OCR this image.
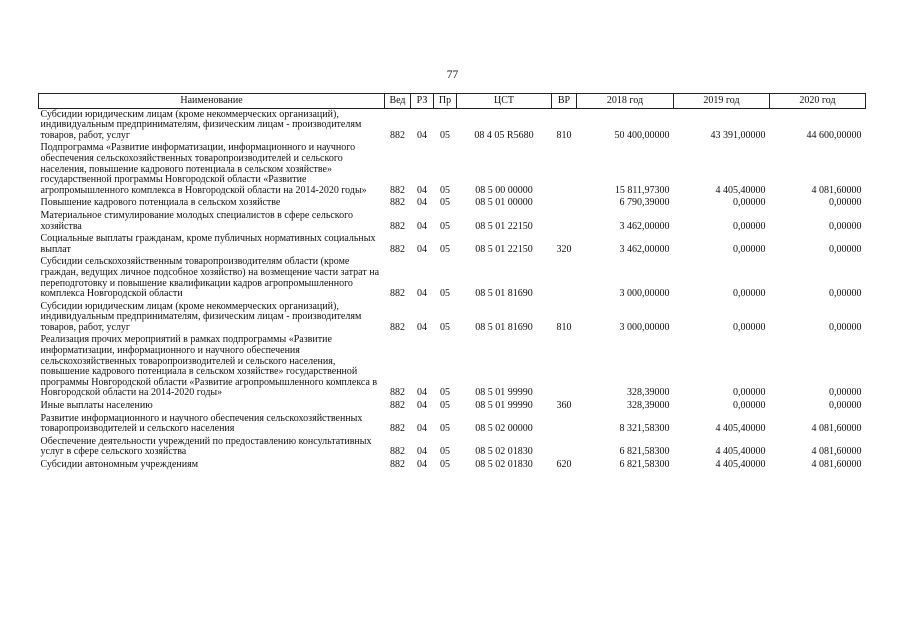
77
Наименование	Вед	РЗ	Пр	ЦСТ	ВР	2018 год	2019 год	2020 год
Субсидии юридическим лицам (кроме некоммерческих организаций), индивидуальным предпринимателям, физическим лицам - производителям товаров, работ, услуг	882	04	05	08 4 05 R5680	810	50 400,00000	43 391,00000	44 600,00000
Подпрограмма «Развитие информатизации, информационного и научного обеспечения сельскохозяйственных товаропроизводителей и сельского населения, повышение кадрового потенциала в сельском хозяйстве» государственной программы Новгородской области «Развитие агропромышленного комплекса в Новгородской области на 2014-2020 годы»	882	04	05	08 5 00 00000		15 811,97300	4 405,40000	4 081,60000
Повышение кадрового потенциала в сельском хозяйстве	882	04	05	08 5 01 00000		6 790,39000	0,00000	0,00000
Материальное стимулирование молодых специалистов в сфере сельского хозяйства	882	04	05	08 5 01 22150		3 462,00000	0,00000	0,00000
Социальные выплаты гражданам, кроме публичных нормативных социальных выплат	882	04	05	08 5 01 22150	320	3 462,00000	0,00000	0,00000
Субсидии сельскохозяйственным товаропроизводителям области (кроме граждан, ведущих личное подсобное хозяйство) на возмещение части затрат на переподготовку и повышение квалификации кадров агропромышленного комплекса Новгородской области	882	04	05	08 5 01 81690		3 000,00000	0,00000	0,00000
Субсидии юридическим лицам (кроме некоммерческих организаций), индивидуальным предпринимателям, физическим лицам - производителям товаров, работ, услуг	882	04	05	08 5 01 81690	810	3 000,00000	0,00000	0,00000
Реализация прочих мероприятий в рамках подпрограммы «Развитие информатизации, информационного и научного обеспечения сельскохозяйственных товаропроизводителей и сельского населения, повышение кадрового потенциала в сельском хозяйстве» государственной программы Новгородской области «Развитие агропромышленного комплекса в Новгородской области на 2014-2020 годы»	882	04	05	08 5 01 99990		328,39000	0,00000	0,00000
Иные выплаты населению	882	04	05	08 5 01 99990	360	328,39000	0,00000	0,00000
Развитие информационного и научного обеспечения сельскохозяйственных товаропроизводителей и сельского населения	882	04	05	08 5 02 00000		8 321,58300	4 405,40000	4 081,60000
Обеспечение деятельности учреждений по предоставлению консультативных услуг в сфере сельского хозяйства	882	04	05	08 5 02 01830		6 821,58300	4 405,40000	4 081,60000
Субсидии автономным учреждениям	882	04	05	08 5 02 01830	620	6 821,58300	4 405,40000	4 081,60000
